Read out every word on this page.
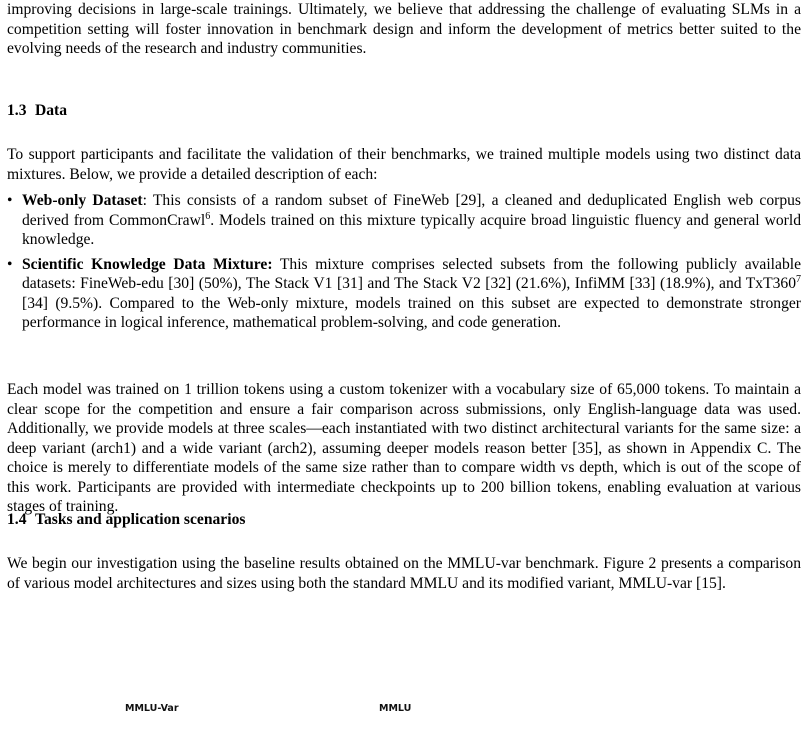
improving decisions in large-scale trainings. Ultimately, we believe that addressing the challenge of evaluating SLMs in a competition setting will foster innovation in benchmark design and inform the development of metrics better suited to the evolving needs of the research and industry communities.

1.3 Data

To support participants and facilitate the validation of their benchmarks, we trained multiple models using two distinct data mixtures. Below, we provide a detailed description of each:

• Web-only Dataset: This consists of a random subset of FineWeb [29], a cleaned and deduplicated English web corpus derived from CommonCrawl$^6$. Models trained on this mixture typically acquire broad linguistic fluency and general world knowledge.
• Scientific Knowledge Data Mixture: This mixture comprises selected subsets from the following publicly available datasets: FineWeb-edu [30] (50%), The Stack V1 [31] and The Stack V2 [32] (21.6%), InfiMM [33] (18.9%), and $TxT360^7$ [34] (9.5%). Compared to the Web-only mixture, models trained on this subset are expected to demonstrate stronger performance in logical inference, mathematical problem-solving, and code generation.

Each model was trained on 1 trillion tokens using a custom tokenizer with a vocabulary size of 65,000 tokens. To maintain a clear scope for the competition and ensure a fair comparison across submissions, only English-language data was used. Additionally, we provide models at three scales—each instantiated with two distinct architectural variants for the same size: a deep variant (arch1) and a wide variant (arch2), assuming deeper models reason better [35], as shown in Appendix C. The choice is merely to differentiate models of the same size rather than to compare width vs depth, which is out of the scope of this work. Participants are provided with intermediate checkpoints up to 200 billion tokens, enabling evaluation at various stages of training.

1.4 Tasks and application scenarios

We begin our investigation using the baseline results obtained on the MMLU-var benchmark. Figure 2 presents a comparison of various model architectures and sizes using both the standard MMLU and its modified variant, MMLU-var [15].

MMLU-Var	MMLU
